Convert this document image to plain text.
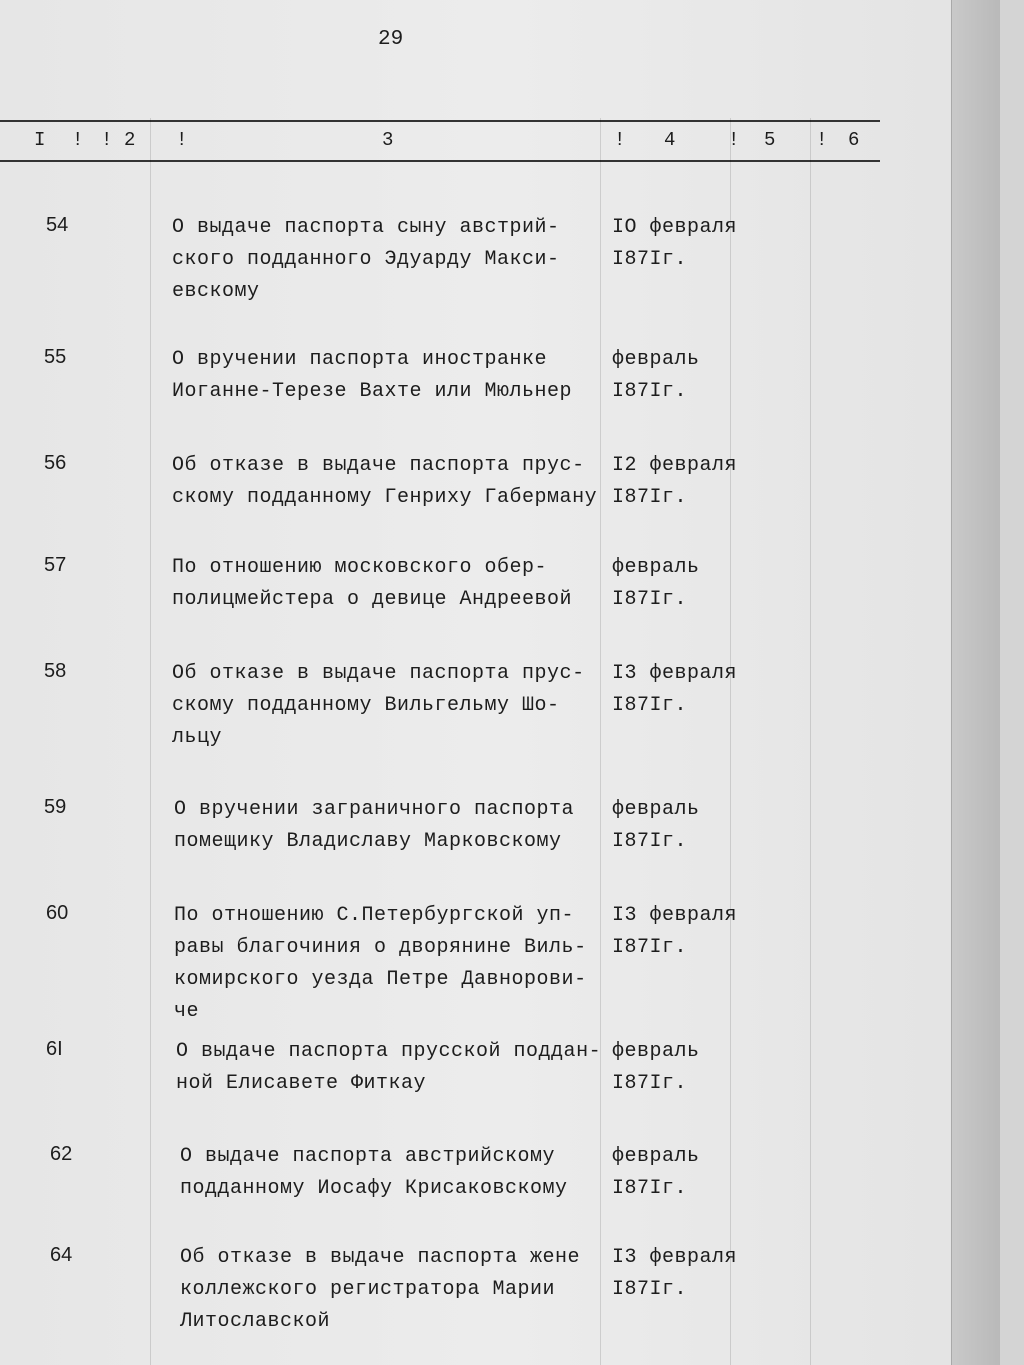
29
I ! ! 2 !	3	! 4	! 5 ! 6
54	О выдаче паспорта сыну австрий-
ского подданного Эдуарду Макси-
евскому
IO февраля
I87Iг.
55	О вручении паспорта иностранке
Иоганне-Терезе Вахте или Мюльнер
февраль
I87Iг.
56	Об отказе в выдаче паспорта прус-
скому подданному Генриху Габерману
I2 февраля
I87Iг.
57	По отношению московского обер-
полицмейстера о девице Андреевой
февраль
I87Iг.
58	Об отказе в выдаче паспорта прус-
скому подданному Вильгельму Шо-
льцу
I3 февраля
I87Iг.
59	О вручении заграничного паспорта
помещику Владиславу Марковскому
февраль
I87Iг.
60	По отношению С.Петербургской уп-
равы благочиния о дворянине Виль-
комирского уезда Петре Давнорови-
че
I3 февраля
I87Iг.
6I	О выдаче паспорта прусской поддан-
ной Елисавете Фиткау
февраль
I87Iг.
62	О выдаче паспорта австрийскому
подданному Иосафу Крисаковскому
февраль
I87Iг.
64	Об отказе в выдаче паспорта жене
коллежского регистратора Марии
Литославской
I3 февраля
I87Iг.
